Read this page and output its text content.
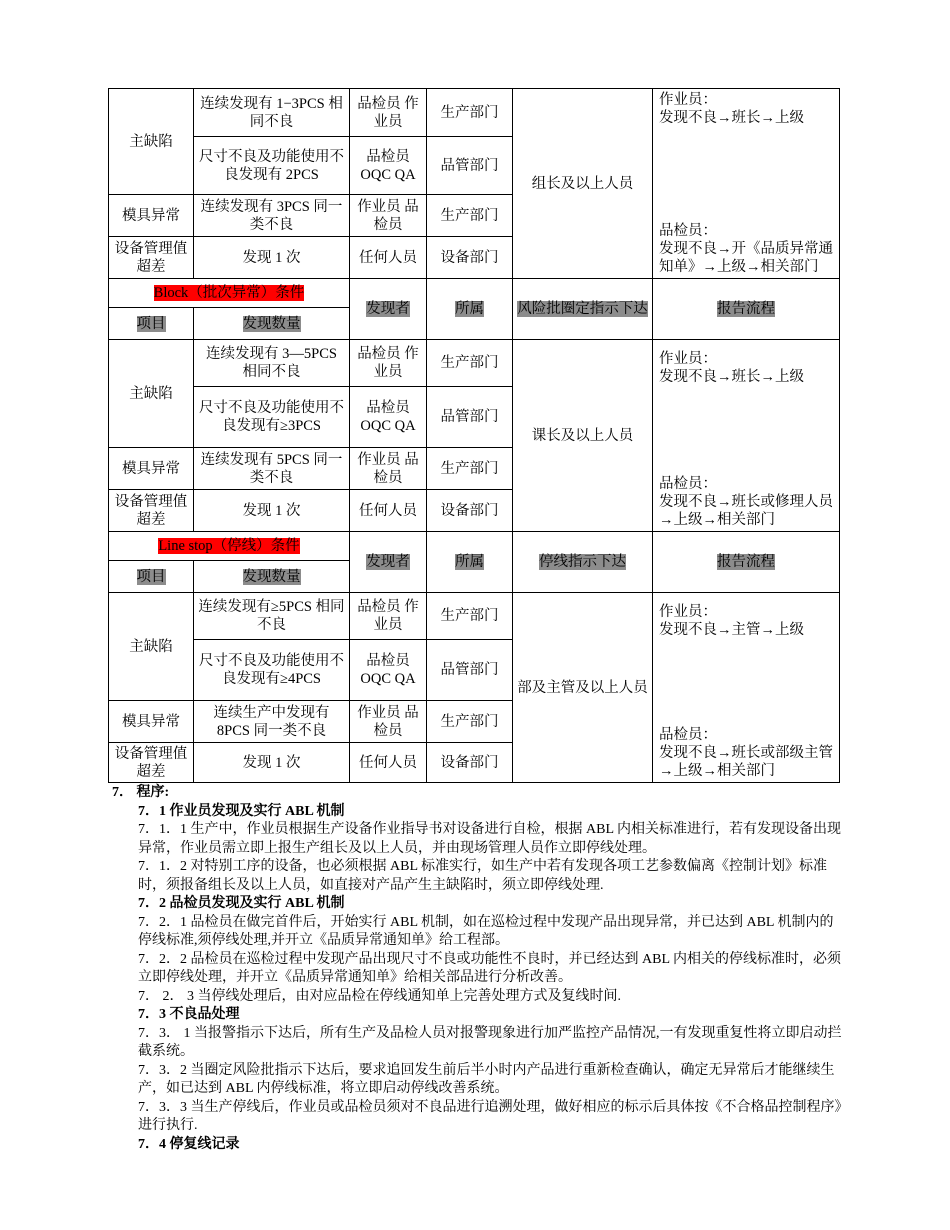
主缺陷	连续发现有 1−3PCS 相同不良	品检员 作业员	生产部门	组长及以上人员	作业员：
发现不良→班长→上级
品检员：
发现不良→开《品质异常通知单》→上级→相关部门

	尺寸不良及功能使用不良发现有 2PCS	品检员 OQC QA	品管部门		
模具异常	连续发现有 3PCS 同一类不良	作业员 品检员	生产部门		
设备管理值超差	发现 1 次	任何人员	设备部门		
Block（批次异常）条件		发现者	所属	风险批圈定指示下达	报告流程
项目	发现数量				
主缺陷	连续发现有 3—5PCS 相同不良	品检员 作业员	生产部门	课长及以上人员	作业员：
发现不良→班长→上级
品检员：
发现不良→班长或修理人员→上级→相关部门

	尺寸不良及功能使用不良发现有≥3PCS	品检员 OQC QA	品管部门		
模具异常	连续发现有 5PCS 同一类不良	作业员 品检员	生产部门		
设备管理值超差	发现 1 次	任何人员	设备部门		
Line stop（停线）条件		发现者	所属	停线指示下达	报告流程
项目	发现数量				
主缺陷	连续发现有≥5PCS 相同不良	品检员 作业员	生产部门	部及主管及以上人员	作业员：
发现不良→主管→上级
品检员：
发现不良→班长或部级主管→上级→相关部门

	尺寸不良及功能使用不良发现有≥4PCS	品检员 OQC QA	品管部门		
模具异常	连续生产中发现有 8PCS 同一类不良	作业员 品检员	生产部门		
设备管理值超差	发现 1 次	任何人员	设备部门		

7． 程序:

7．1 作业员发现及实行 ABL 机制

7．1．1 生产中，作业员根据生产设备作业指导书对设备进行自检，根据 ABL 内相关标准进行，若有发现设备出现异常，作业员需立即上报生产组长及以上人员，并由现场管理人员作立即停线处理。

7．1．2 对特别工序的设备，也必须根据 ABL 标准实行，如生产中若有发现各项工艺参数偏离《控制计划》标准时，须报备组长及以上人员，如直接对产品产生主缺陷时，须立即停线处理.

7．2 品检员发现及实行 ABL 机制

7．2．1 品检员在做完首件后，开始实行 ABL 机制，如在巡检过程中发现产品出现异常，并已达到 ABL 机制内的停线标准,须停线处理,并开立《品质异常通知单》给工程部。

7．2．2 品检员在巡检过程中发现产品出现尺寸不良或功能性不良时，并已经达到 ABL 内相关的停线标准时，必须立即停线处理，并开立《品质异常通知单》给相关部品进行分析改善。

7． 2． 3 当停线处理后，由对应品检在停线通知单上完善处理方式及复线时间.

7．3 不良品处理

7．3． 1 当报警指示下达后，所有生产及品检人员对报警现象进行加严监控产品情况,一有发现重复性将立即启动拦截系统。

7．3．2 当圈定风险批指示下达后，要求追回发生前后半小时内产品进行重新检查确认，确定无异常后才能继续生产，如已达到 ABL 内停线标准，将立即启动停线改善系统。

7．3．3 当生产停线后，作业员或品检员须对不良品进行追溯处理，做好相应的标示后具体按《不合格品控制程序》进行执行.

7．4 停复线记录
